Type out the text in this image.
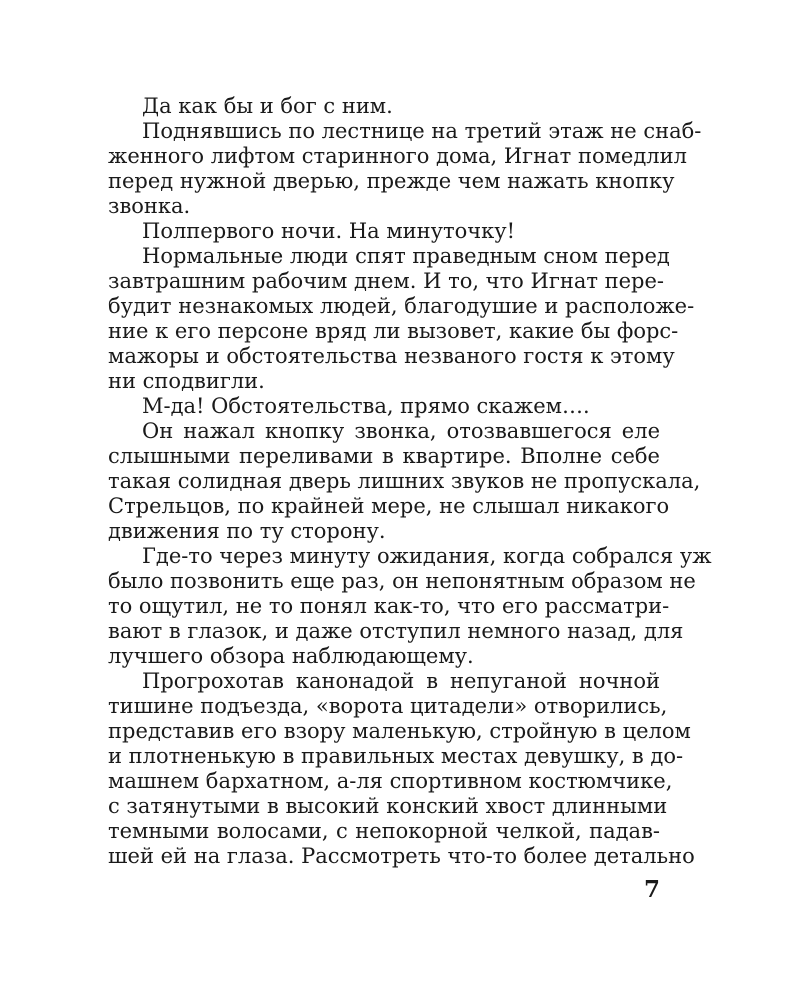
Да как бы и бог с ним.
Поднявшись по лестнице на третий этаж не снаб-
женного лифтом старинного дома, Игнат помедлил
перед нужной дверью, прежде чем нажать кнопку
звонка.
Полпервого ночи. На минуточку!
Нормальные люди спят праведным сном перед
завтрашним рабочим днем. И то, что Игнат пере-
будит незнакомых людей, благодушие и расположе-
ние к его персоне вряд ли вызовет, какие бы форс-
мажоры и обстоятельства незваного гостя к этому
ни сподвигли.
М-да! Обстоятельства, прямо скажем….
Он нажал кнопку звонка, отозвавшегося еле
слышными переливами в квартире. Вполне себе
такая солидная дверь лишних звуков не пропускала,
Стрельцов, по крайней мере, не слышал никакого
движения по ту сторону.
Где-то через минуту ожидания, когда собрался уж
было позвонить еще раз, он непонятным образом не
то ощутил, не то понял как-то, что его рассматри-
вают в глазок, и даже отступил немного назад, для
лучшего обзора наблюдающему.
Прогрохотав канонадой в непуганой ночной
тишине подъезда, «ворота цитадели» отворились,
представив его взору маленькую, стройную в целом
и плотненькую в правильных местах девушку, в до-
машнем бархатном, а-ля спортивном костюмчике,
с затянутыми в высокий конский хвост длинными
темными волосами, с непокорной челкой, падав-
шей ей на глаза. Рассмотреть что-то более детально
7
